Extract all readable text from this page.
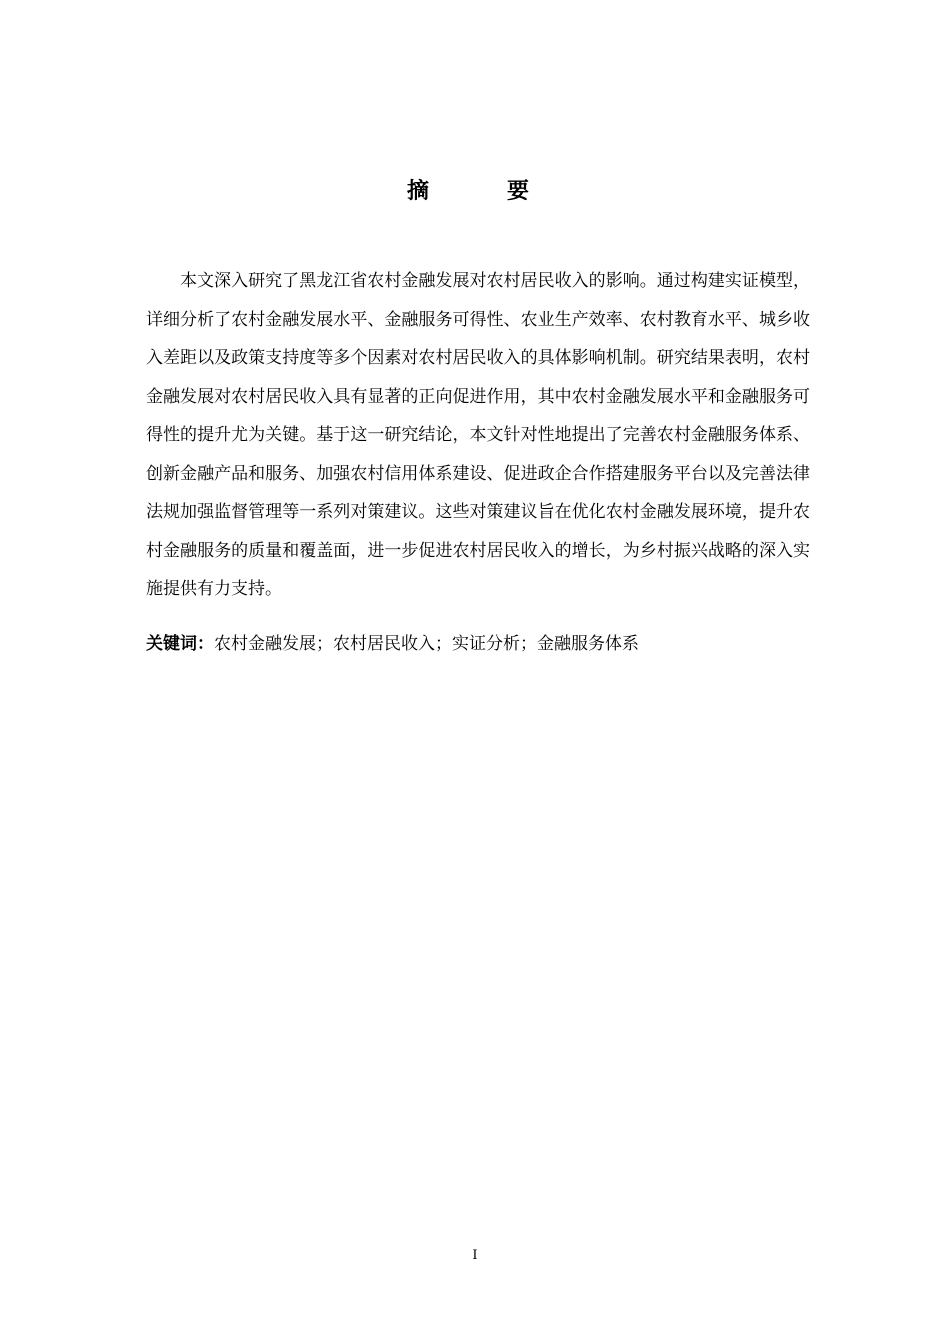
摘　要

本文深入研究了黑龙江省农村金融发展对农村居民收入的影响。通过构建实证模型，详细分析了农村金融发展水平、金融服务可得性、农业生产效率、农村教育水平、城乡收入差距以及政策支持度等多个因素对农村居民收入的具体影响机制。研究结果表明，农村金融发展对农村居民收入具有显著的正向促进作用，其中农村金融发展水平和金融服务可得性的提升尤为关键。基于这一研究结论，本文针对性地提出了完善农村金融服务体系、创新金融产品和服务、加强农村信用体系建设、促进政企合作搭建服务平台以及完善法律法规加强监督管理等一系列对策建议。这些对策建议旨在优化农村金融发展环境，提升农村金融服务的质量和覆盖面，进一步促进农村居民收入的增长，为乡村振兴战略的深入实施提供有力支持。

关键词：农村金融发展；农村居民收入；实证分析；金融服务体系

I
